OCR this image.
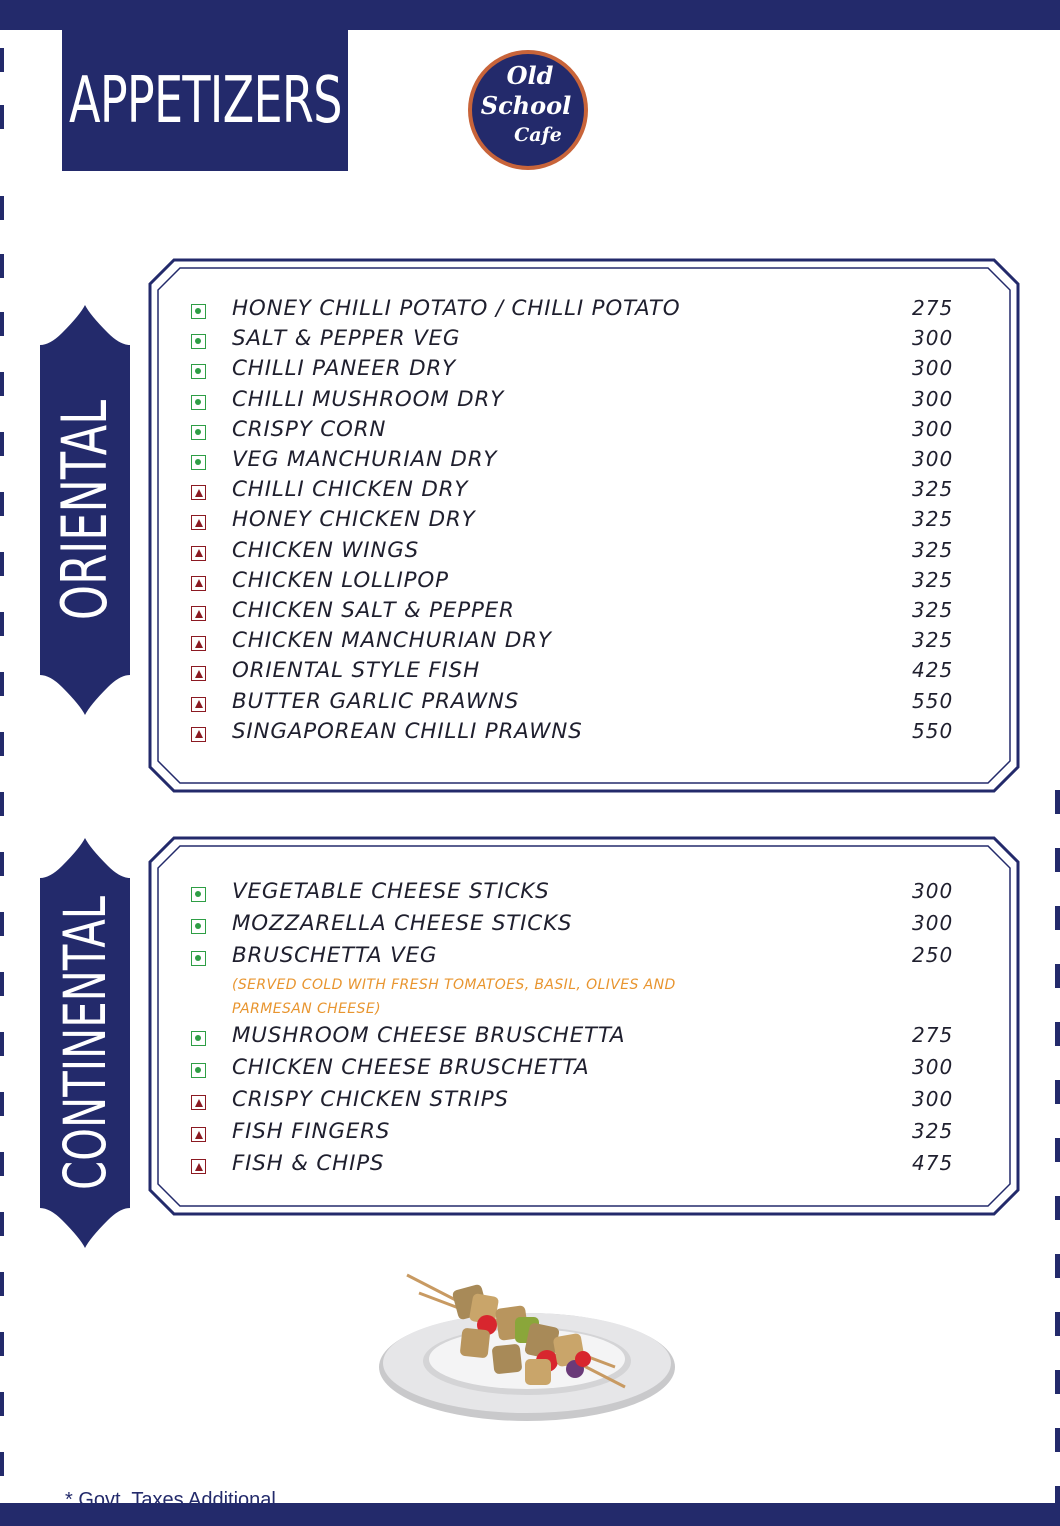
APPETIZERS	Old
School
Cafe
ORIENTAL
HONEY CHILLI POTATO / CHILLI POTATO	275
SALT & PEPPER VEG	300
CHILLI PANEER DRY	300
CHILLI MUSHROOM DRY	300
CRISPY CORN	300
VEG MANCHURIAN DRY	300
CHILLI CHICKEN DRY	325
HONEY CHICKEN DRY	325
CHICKEN WINGS	325
CHICKEN LOLLIPOP	325
CHICKEN SALT & PEPPER	325
CHICKEN MANCHURIAN DRY	325
ORIENTAL STYLE FISH	425
BUTTER GARLIC PRAWNS	550
SINGAPOREAN CHILLI PRAWNS	550
CONTINENTAL
VEGETABLE CHEESE STICKS	300
MOZZARELLA CHEESE STICKS	300
BRUSCHETTA VEG	250
(SERVED COLD WITH FRESH TOMATOES, BASIL, OLIVES AND PARMESAN CHEESE)
MUSHROOM CHEESE BRUSCHETTA	275
CHICKEN CHEESE BRUSCHETTA	300
CRISPY CHICKEN STRIPS	300
FISH FINGERS	325
FISH & CHIPS	475
* Govt. Taxes Additional
